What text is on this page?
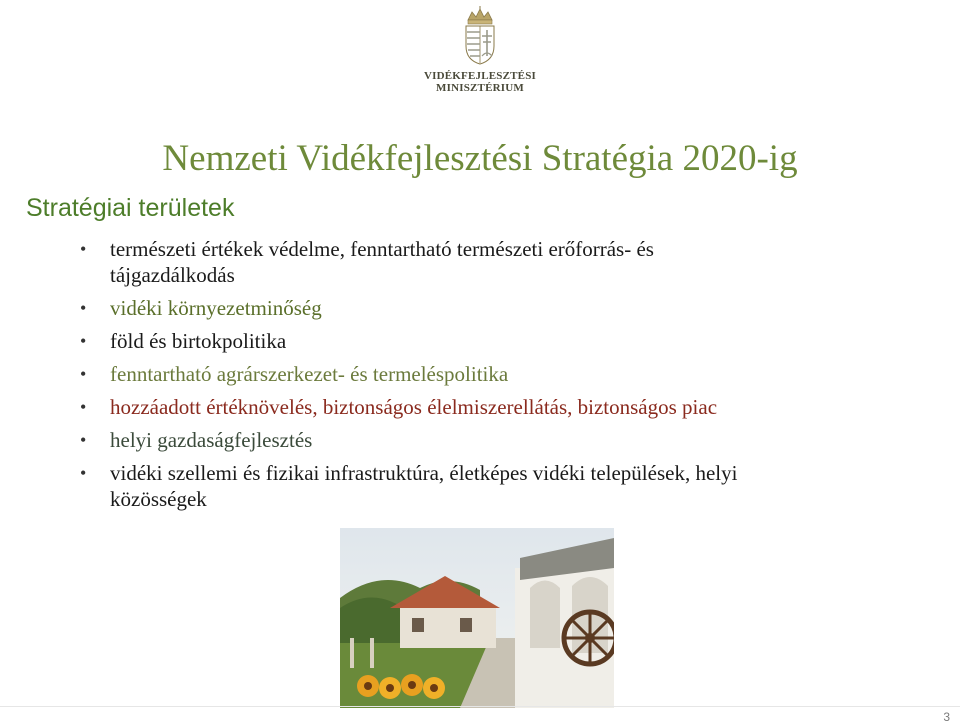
VIDÉKFEJLESZTÉSI
MINISZTÉRIUM
Nemzeti Vidékfejlesztési Stratégia 2020-ig
Stratégiai területek
• természeti értékek védelme, fenntartható természeti erőforrás- és
tájgazdálkodás
• vidéki környezetminőség
• föld és birtokpolitika
• fenntartható agrárszerkezet- és termeléspolitika
• hozzáadott értéknövelés, biztonságos élelmiszerellátás, biztonságos piac
• helyi gazdaságfejlesztés
• vidéki szellemi és fizikai infrastruktúra, életképes vidéki települések, helyi
közösségek
3
